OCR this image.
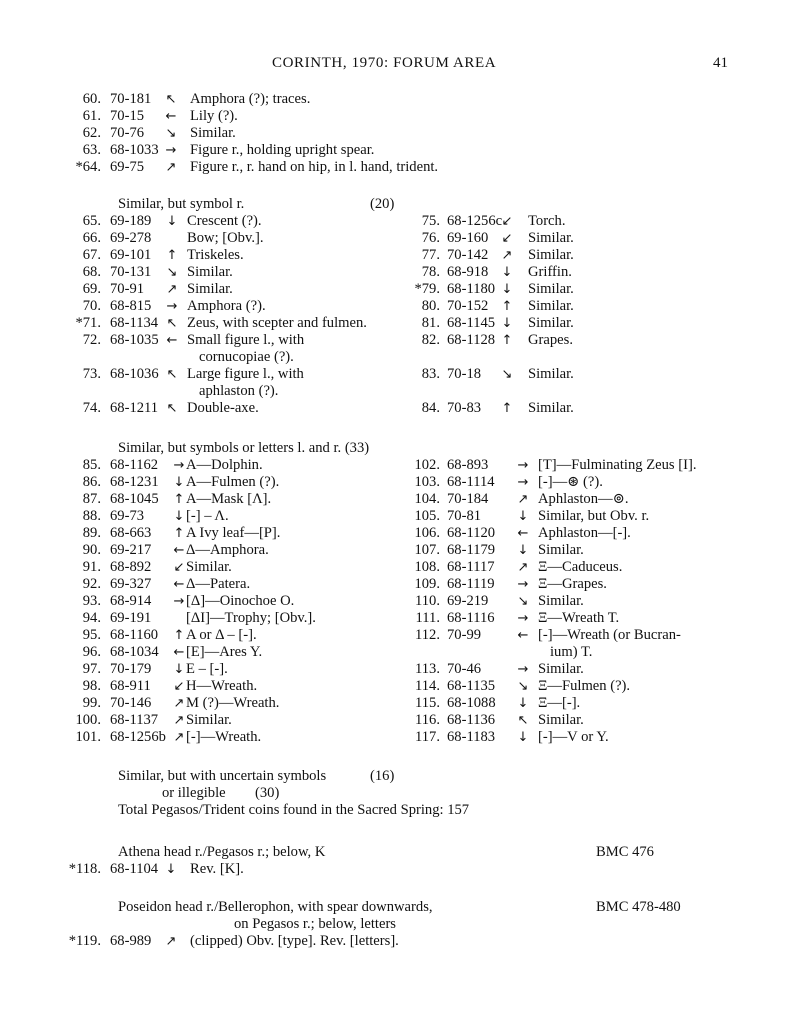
CORINTH, 1970: FORUM AREA	41
60. 70-181 ↖ Amphora (?); traces.
61. 70-15 ← Lily (?).
62. 70-76 ↘ Similar.
63. 68-1033 → Figure r., holding upright spear.
*64. 69-75 ↗ Figure r., r. hand on hip, in l. hand, trident.
Similar, but symbol r.	(20)
65. 69-189 ↓ Crescent (?).
66. 69-278 Bow; [Obv.].
67. 69-101 ↑ Triskeles.
68. 70-131 ↘ Similar.
69. 70-91 ↗ Similar.
70. 68-815 → Amphora (?).
*71. 68-1134 ↖ Zeus, with scepter and fulmen.
72. 68-1035 ← Small figure l., with
cornucopiae (?).
73. 68-1036 ↖ Large figure l., with
aphlaston (?).
74. 68-1211 ↖ Double-axe.
75. 68-1256c ↙ Torch.
76. 69-160 ↙ Similar.
77. 70-142 ↗ Similar.
78. 68-918 ↓ Griffin.
*79. 68-1180 ↓ Similar.
80. 70-152 ↑ Similar.
81. 68-1145 ↓ Similar.
82. 68-1128 ↑ Grapes.
83. 70-18 ↘ Similar.
84. 70-83 ↑ Similar.
Similar, but symbols or letters l. and r. (33)
85. 68-1162 → A—Dolphin.
86. 68-1231 ↓ A—Fulmen (?).
87. 68-1045 ↑ A—Mask [Λ].
88. 69-73 ↓ [-] – Λ.
89. 68-663 ↑ A Ivy leaf—[P].
90. 69-217 ← Δ—Amphora.
91. 68-892 ↙ Similar.
92. 69-327 ← Δ—Patera.
93. 68-914 → [Δ]—Oinochoe O.
94. 69-191 [ΔI]—Trophy; [Obv.].
95. 68-1160 ↑ A or Δ – [-].
96. 68-1034 ← [E]—Ares Y.
97. 70-179 ↓ E – [-].
98. 68-911 ↙ H—Wreath.
99. 70-146 ↗ M (?)—Wreath.
100. 68-1137 ↗ Similar.
101. 68-1256b ↗ [-]—Wreath.
102. 68-893 → [T]—Fulminating Zeus [I].
103. 68-1114 → [-]—⊛ (?).
104. 70-184 ↗ Aphlaston—⊚.
105. 70-81	↓ Similar, but Obv. r.
106. 68-1120 ← Aphlaston—[-].
107. 68-1179 ↓ Similar.
108. 68-1117 ↗ Ξ—Caduceus.
109. 68-1119 → Ξ—Grapes.
110. 69-219 ↘ Similar.
111. 68-1116 → Ξ—Wreath T.
112. 70-99	← [-]—Wreath (or Bucran-
ium) T.
113. 70-46	→ Similar.
114. 68-1135 ↘ Ξ—Fulmen (?).
115. 68-1088 ↓ Ξ—[-].
116. 68-1136 ↖ Similar.
117. 68-1183 ↓ [-]—V or Y.
Similar, but with uncertain symbols	(16)
or illegible (30)
Total Pegasos/Trident coins found in the Sacred Spring: 157
Athena head r./Pegasos r.; below, K	BMC 476
*118. 68-1104 ↓ Rev. [K].
Poseidon head r./Bellerophon, with spear downwards,
on Pegasos r.; below, letters
BMC 478-480
*119. 68-989 ↗ (clipped) Obv. [type]. Rev. [letters].
